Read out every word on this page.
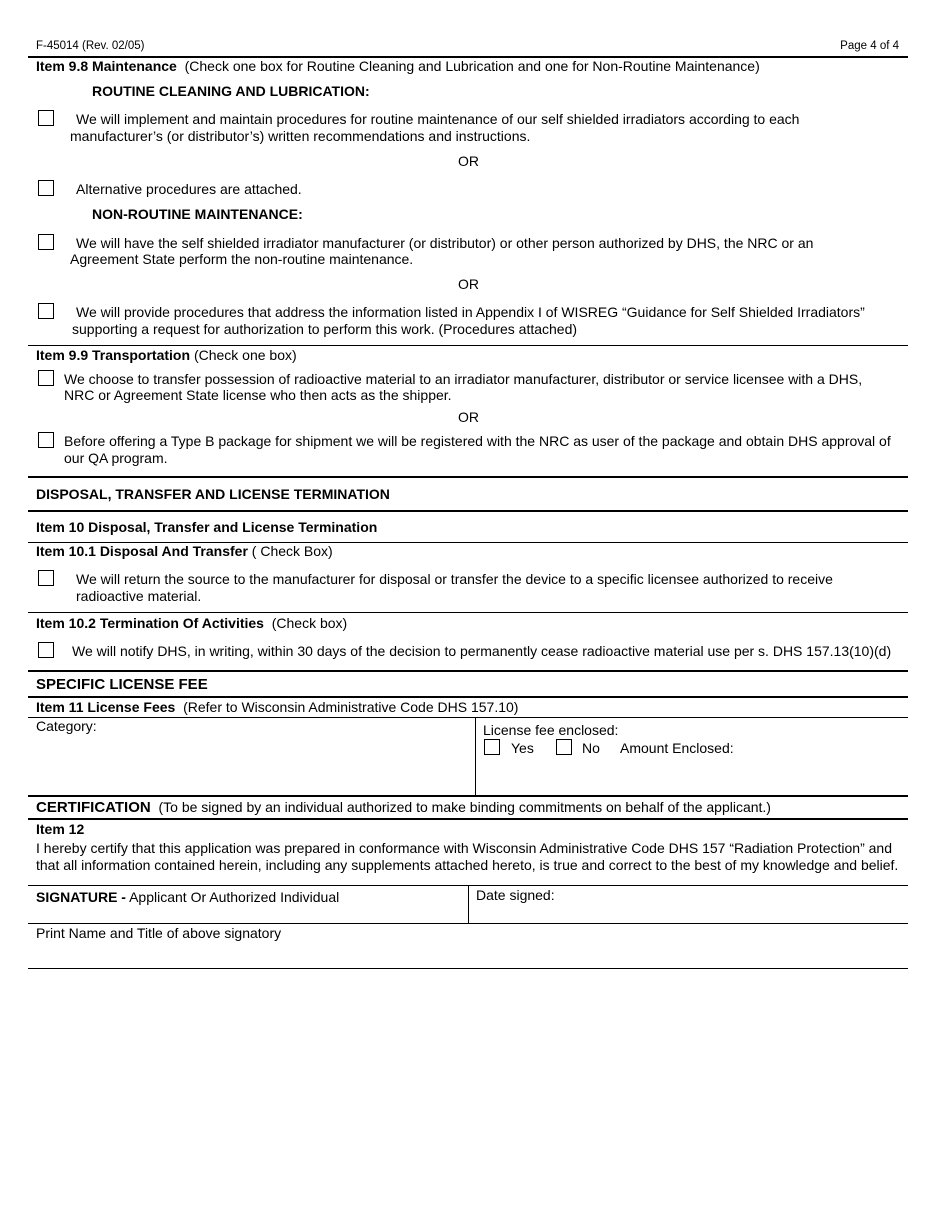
F-45014 (Rev. 02/05)	Page 4 of 4
Item 9.8 Maintenance (Check one box for Routine Cleaning and Lubrication and one for Non-Routine Maintenance)
ROUTINE CLEANING AND LUBRICATION:
We will implement and maintain procedures for routine maintenance of our self shielded irradiators according to each
manufacturer’s (or distributor’s) written recommendations and instructions.
OR
Alternative procedures are attached.
NON-ROUTINE MAINTENANCE:
We will have the self shielded irradiator manufacturer (or distributor) or other person authorized by DHS, the NRC or an
Agreement State perform the non-routine maintenance.
OR
We will provide procedures that address the information listed in Appendix I of WISREG “Guidance for Self Shielded Irradiators”
supporting a request for authorization to perform this work. (Procedures attached)
Item 9.9 Transportation (Check one box)
We choose to transfer possession of radioactive material to an irradiator manufacturer, distributor or service licensee with a DHS,
NRC or Agreement State license who then acts as the shipper.
OR
Before offering a Type B package for shipment we will be registered with the NRC as user of the package and obtain DHS approval of
our QA program.
DISPOSAL, TRANSFER AND LICENSE TERMINATION
Item 10 Disposal, Transfer and License Termination
Item 10.1 Disposal And Transfer ( Check Box)
We will return the source to the manufacturer for disposal or transfer the device to a specific licensee authorized to receive
radioactive material.
Item 10.2 Termination Of Activities (Check box)
We will notify DHS, in writing, within 30 days of the decision to permanently cease radioactive material use per s. DHS 157.13(10)(d)
SPECIFIC LICENSE FEE
Item 11 License Fees (Refer to Wisconsin Administrative Code DHS 157.10)
Category:	License fee enclosed:
Yes	No Amount Enclosed:
CERTIFICATION (To be signed by an individual authorized to make binding commitments on behalf of the applicant.)
Item 12
I hereby certify that this application was prepared in conformance with Wisconsin Administrative Code DHS 157 “Radiation Protection” and
that all information contained herein, including any supplements attached hereto, is true and correct to the best of my knowledge and belief.
SIGNATURE - Applicant Or Authorized Individual	Date signed:
Print Name and Title of above signatory
